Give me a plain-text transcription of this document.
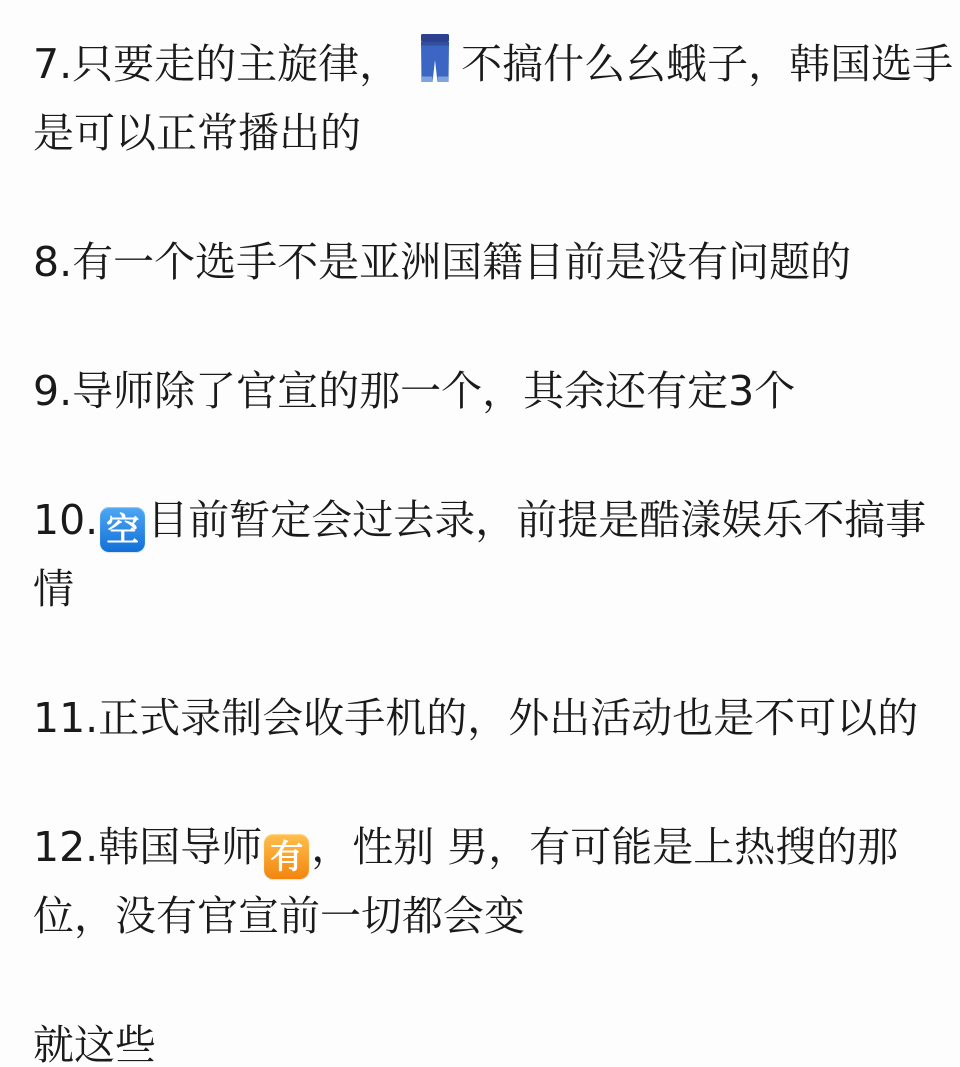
7.只要走的主旋律，
不搞什么幺蛾子，韩国选手
是可以正常播出的
8.有一个选手不是亚洲国籍目前是没有问题的
9.导师除了官宣的那一个，其余还有定3个
10. 空 目前暂定会过去录，前提是酷漾娱乐不搞事
情
11.正式录制会收手机的，外出活动也是不可以的
12.韩国导师 有 ，性别 男，有可能是上热搜的那
位，没有官宣前一切都会变
就这些
